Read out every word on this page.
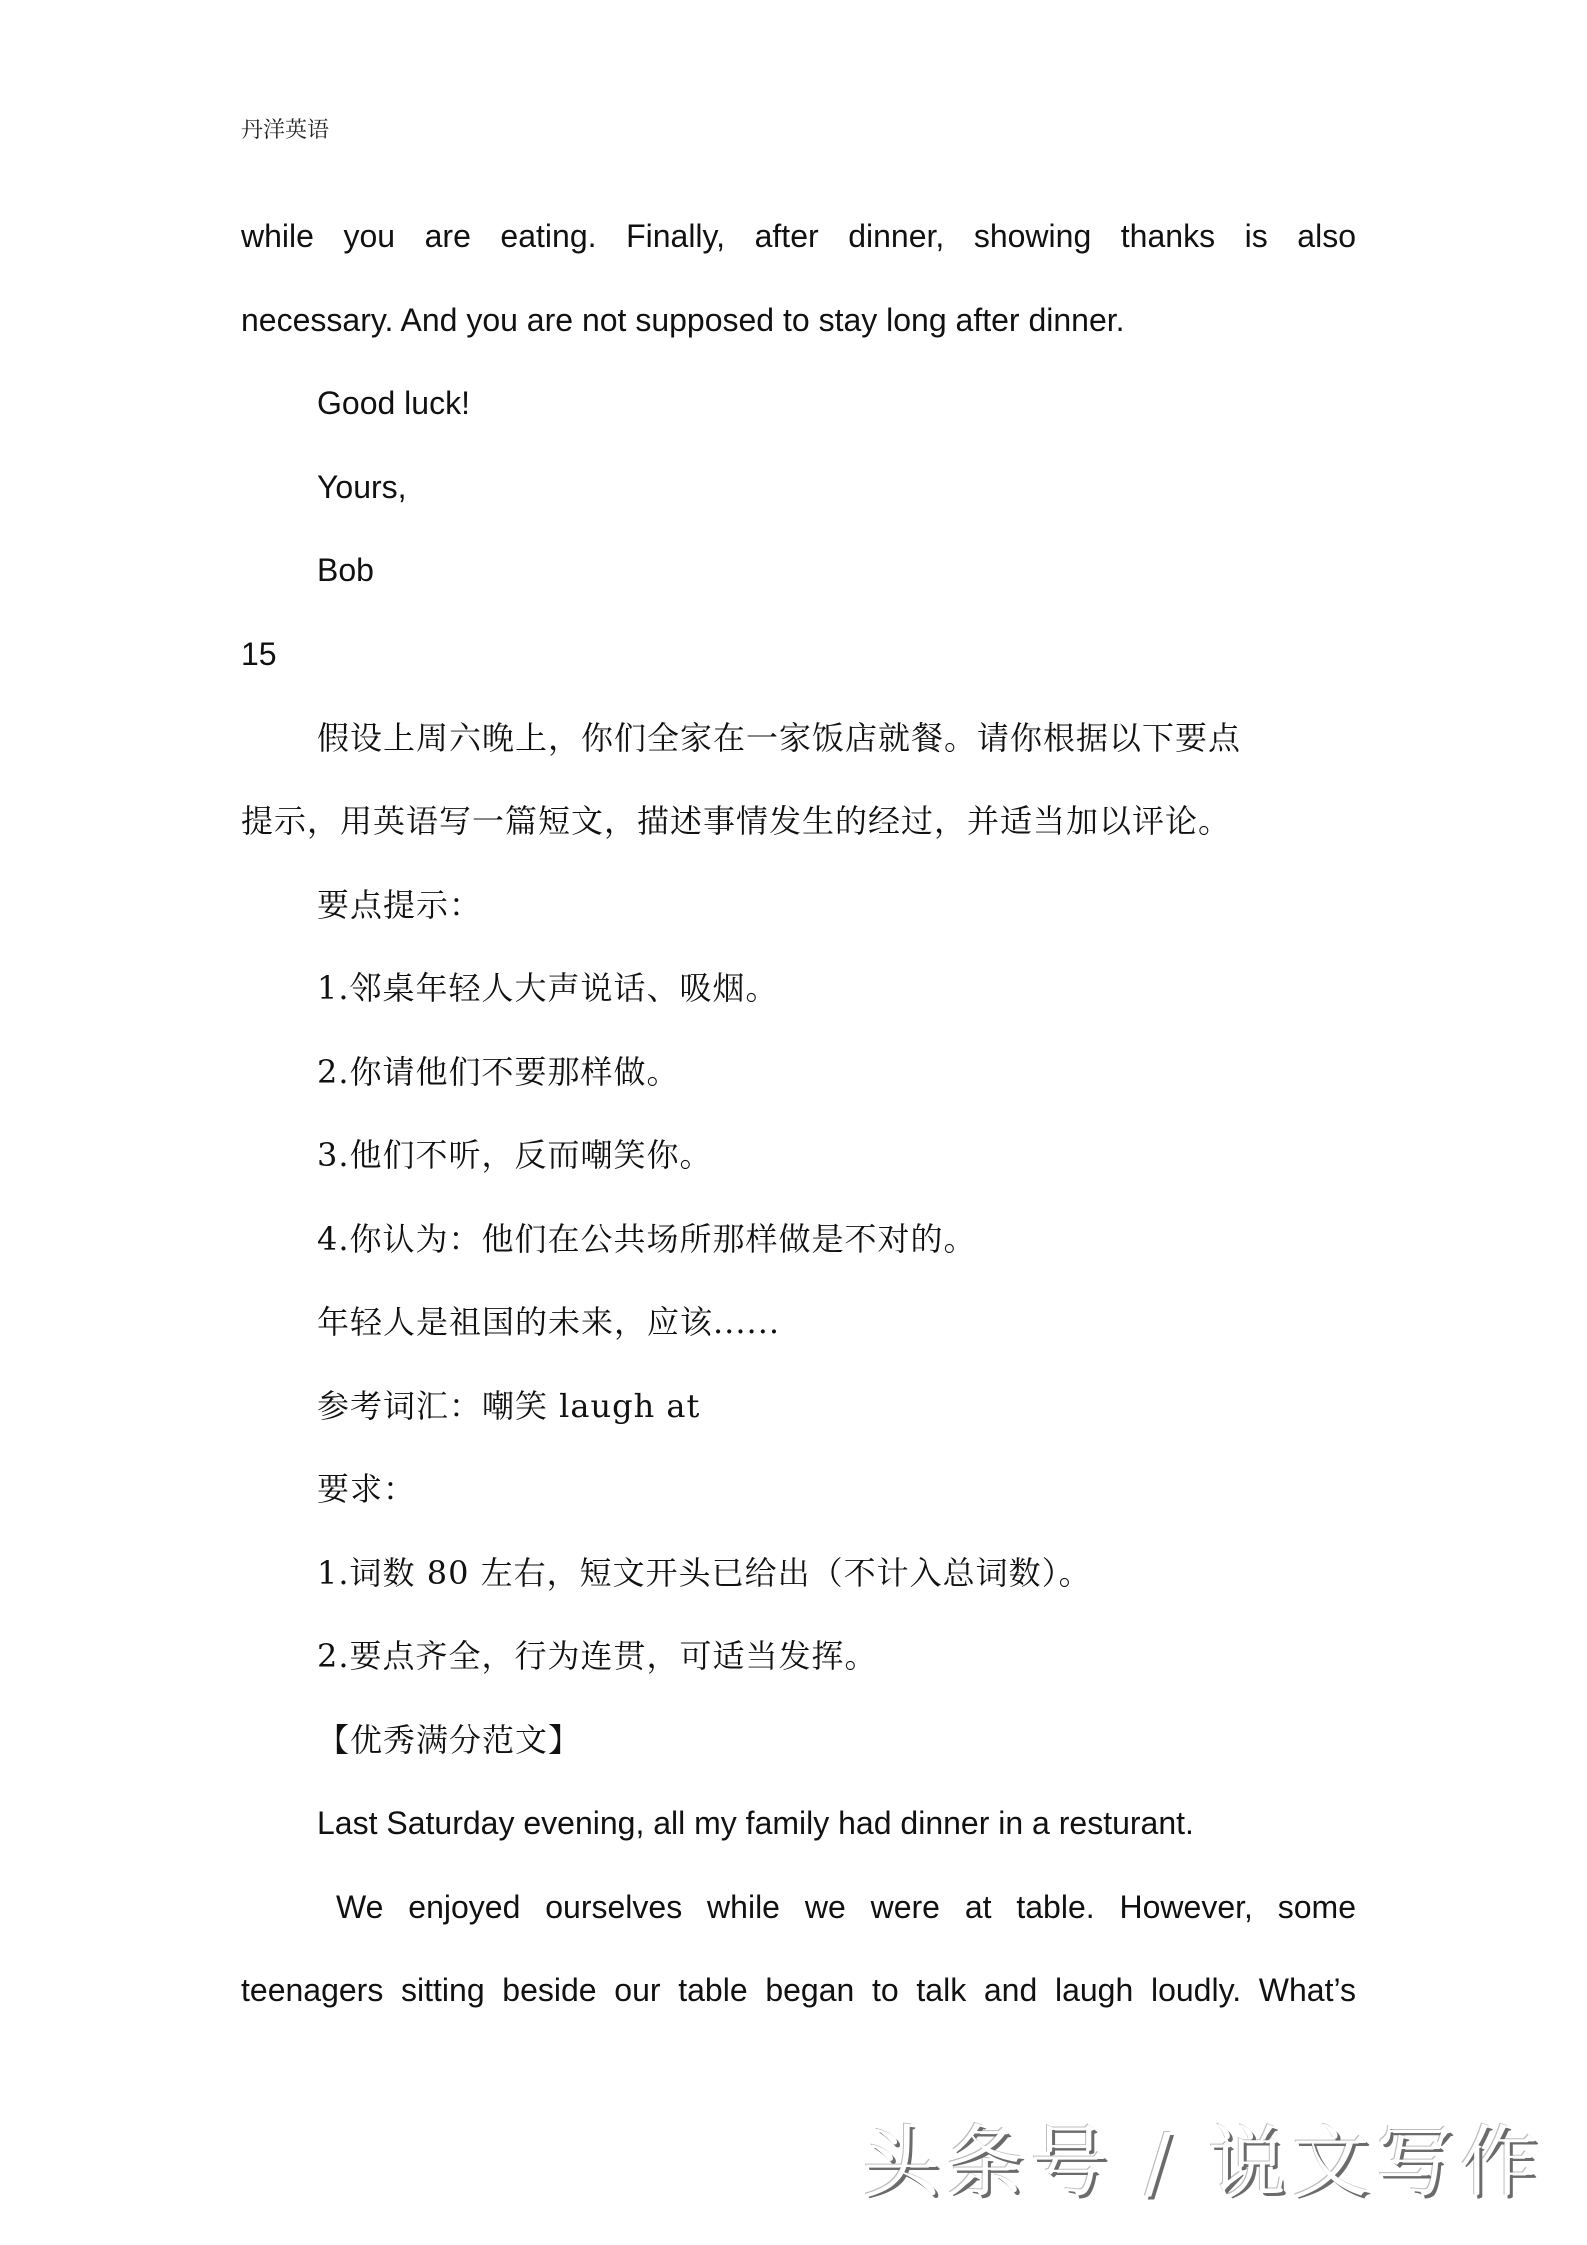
丹洋英语
while you are eating. Finally, after dinner, showing thanks is also
necessary. And you are not supposed to stay long after dinner.
Good luck!
Yours,
Bob
15
假设上周六晚上，你们全家在一家饭店就餐。请你根据以下要点
提示，用英语写一篇短文，描述事情发生的经过，并适当加以评论。
要点提示：
1.邻桌年轻人大声说话、吸烟。
2.你请他们不要那样做。
3.他们不听，反而嘲笑你。
4.你认为：他们在公共场所那样做是不对的。
年轻人是祖国的未来，应该......
参考词汇：嘲笑 laugh at
要求：
1.词数 80 左右，短文开头已给出（不计入总词数）。
2.要点齐全，行为连贯，可适当发挥。
【优秀满分范文】
Last Saturday evening, all my family had dinner in a resturant.
We enjoyed ourselves while we were at table. However, some
teenagers sitting beside our table began to talk and laugh loudly. What’s
头条号 / 说文写作
